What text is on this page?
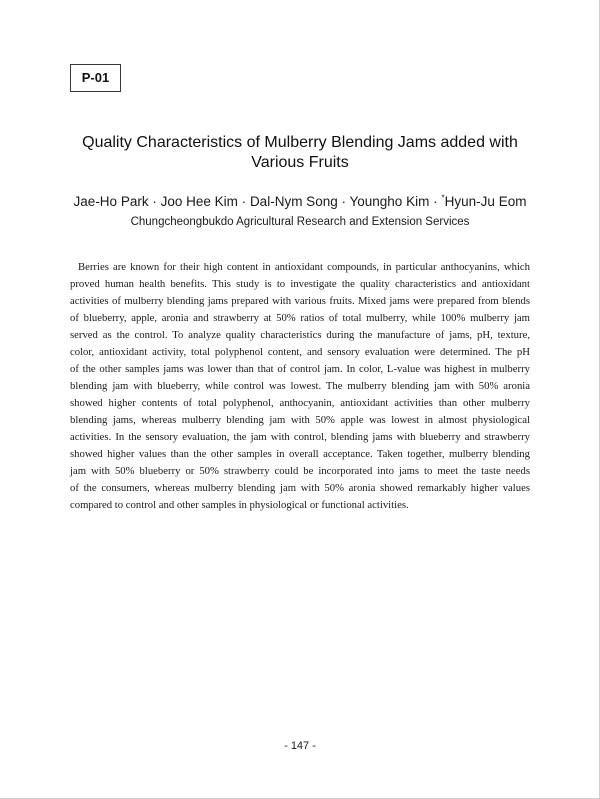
P-01
Quality Characteristics of Mulberry Blending Jams added with
Various Fruits
Jae-Ho Park · Joo Hee Kim · Dal-Nym Song · Youngho Kim · *Hyun-Ju Eom
Chungcheongbukdo Agricultural Research and Extension Services
Berries are known for their high content in antioxidant compounds, in particular anthocyanins, which
proved human health benefits. This study is to investigate the quality characteristics and antioxidant
activities of mulberry blending jams prepared with various fruits. Mixed jams were prepared from blends
of blueberry, apple, aronia and strawberry at 50% ratios of total mulberry, while 100% mulberry jam
served as the control. To analyze quality characteristics during the manufacture of jams, pH, texture,
color, antioxidant activity, total polyphenol content, and sensory evaluation were determined. The pH
of the other samples jams was lower than that of control jam. In color, L-value was highest in mulberry
blending jam with blueberry, while control was lowest. The mulberry blending jam with 50% aronia
showed higher contents of total polyphenol, anthocyanin, antioxidant activities than other mulberry
blending jams, whereas mulberry blending jam with 50% apple was lowest in almost physiological
activities. In the sensory evaluation, the jam with control, blending jams with blueberry and strawberry
showed higher values than the other samples in overall acceptance. Taken together, mulberry blending
jam with 50% blueberry or 50% strawberry could be incorporated into jams to meet the taste needs
of the consumers, whereas mulberry blending jam with 50% aronia showed remarkably higher values
compared to control and other samples in physiological or functional activities.
- 147 -
